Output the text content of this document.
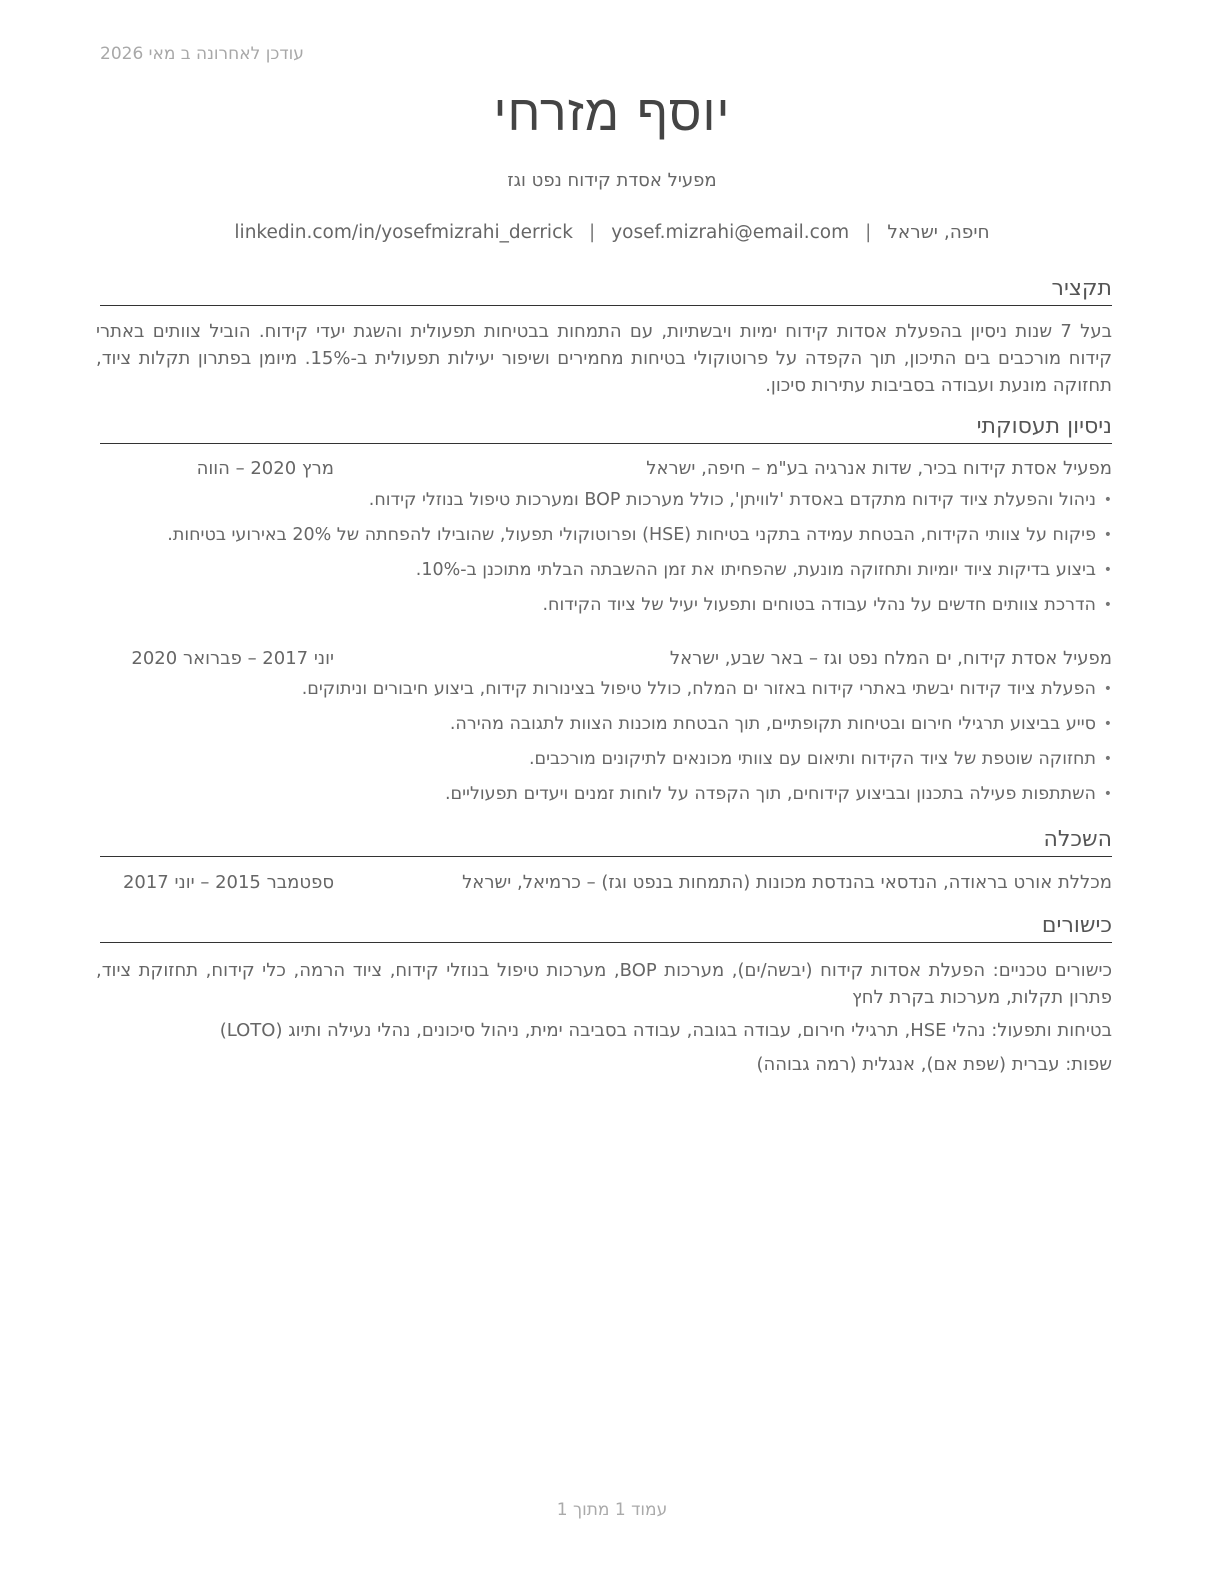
עודכן לאחרונה ב מאי 2026
יוסף מזרחי
מפעיל אסדת קידוח נפט וגז
חיפה, ישראל|yosef.mizrahi@email.com|linkedin.com/in/yosefmizrahi_derrick
תקציר
בעל 7 שנות ניסיון בהפעלת אסדות קידוח ימיות ויבשתיות, עם התמחות בבטיחות תפעולית והשגת יעדי קידוח. הוביל צוותים באתרי קידוח מורכבים בים התיכון, תוך הקפדה על פרוטוקולי בטיחות מחמירים ושיפור יעילות תפעולית ב-15%. מיומן בפתרון תקלות ציוד, תחזוקה מונעת ועבודה בסביבות עתירות סיכון.
ניסיון תעסוקתי
מפעיל אסדת קידוח בכיר, שדות אנרגיה בע"מ – חיפה, ישראל
מרץ 2020 – הווה
•
ניהול והפעלת ציוד קידוח מתקדם באסדת 'לוויתן', כולל מערכות BOP ומערכות טיפול בנוזלי קידוח.
•
פיקוח על צוותי הקידוח, הבטחת עמידה בתקני בטיחות (HSE) ופרוטוקולי תפעול, שהובילו להפחתה של 20% באירועי בטיחות.
•
ביצוע בדיקות ציוד יומיות ותחזוקה מונעת, שהפחיתו את זמן ההשבתה הבלתי מתוכנן ב-10%.
•
הדרכת צוותים חדשים על נהלי עבודה בטוחים ותפעול יעיל של ציוד הקידוח.
מפעיל אסדת קידוח, ים המלח נפט וגז – באר שבע, ישראל
יוני 2017 – פברואר 2020
•
הפעלת ציוד קידוח יבשתי באתרי קידוח באזור ים המלח, כולל טיפול בצינורות קידוח, ביצוע חיבורים וניתוקים.
•
סייע בביצוע תרגילי חירום ובטיחות תקופתיים, תוך הבטחת מוכנות הצוות לתגובה מהירה.
•
תחזוקה שוטפת של ציוד הקידוח ותיאום עם צוותי מכונאים לתיקונים מורכבים.
•
השתתפות פעילה בתכנון ובביצוע קידוחים, תוך הקפדה על לוחות זמנים ויעדים תפעוליים.
השכלה
מכללת אורט בראודה, הנדסאי בהנדסת מכונות (התמחות בנפט וגז) – כרמיאל, ישראל
ספטמבר 2015 – יוני 2017
כישורים
כישורים טכניים: הפעלת אסדות קידוח (יבשה/ים), מערכות BOP, מערכות טיפול בנוזלי קידוח, ציוד הרמה, כלי קידוח, תחזוקת ציוד, פתרון תקלות, מערכות בקרת לחץ
בטיחות ותפעול: נהלי HSE, תרגילי חירום, עבודה בגובה, עבודה בסביבה ימית, ניהול סיכונים, נהלי נעילה ותיוג (LOTO)
שפות: עברית (שפת אם), אנגלית (רמה גבוהה)
עמוד 1 מתוך 1
